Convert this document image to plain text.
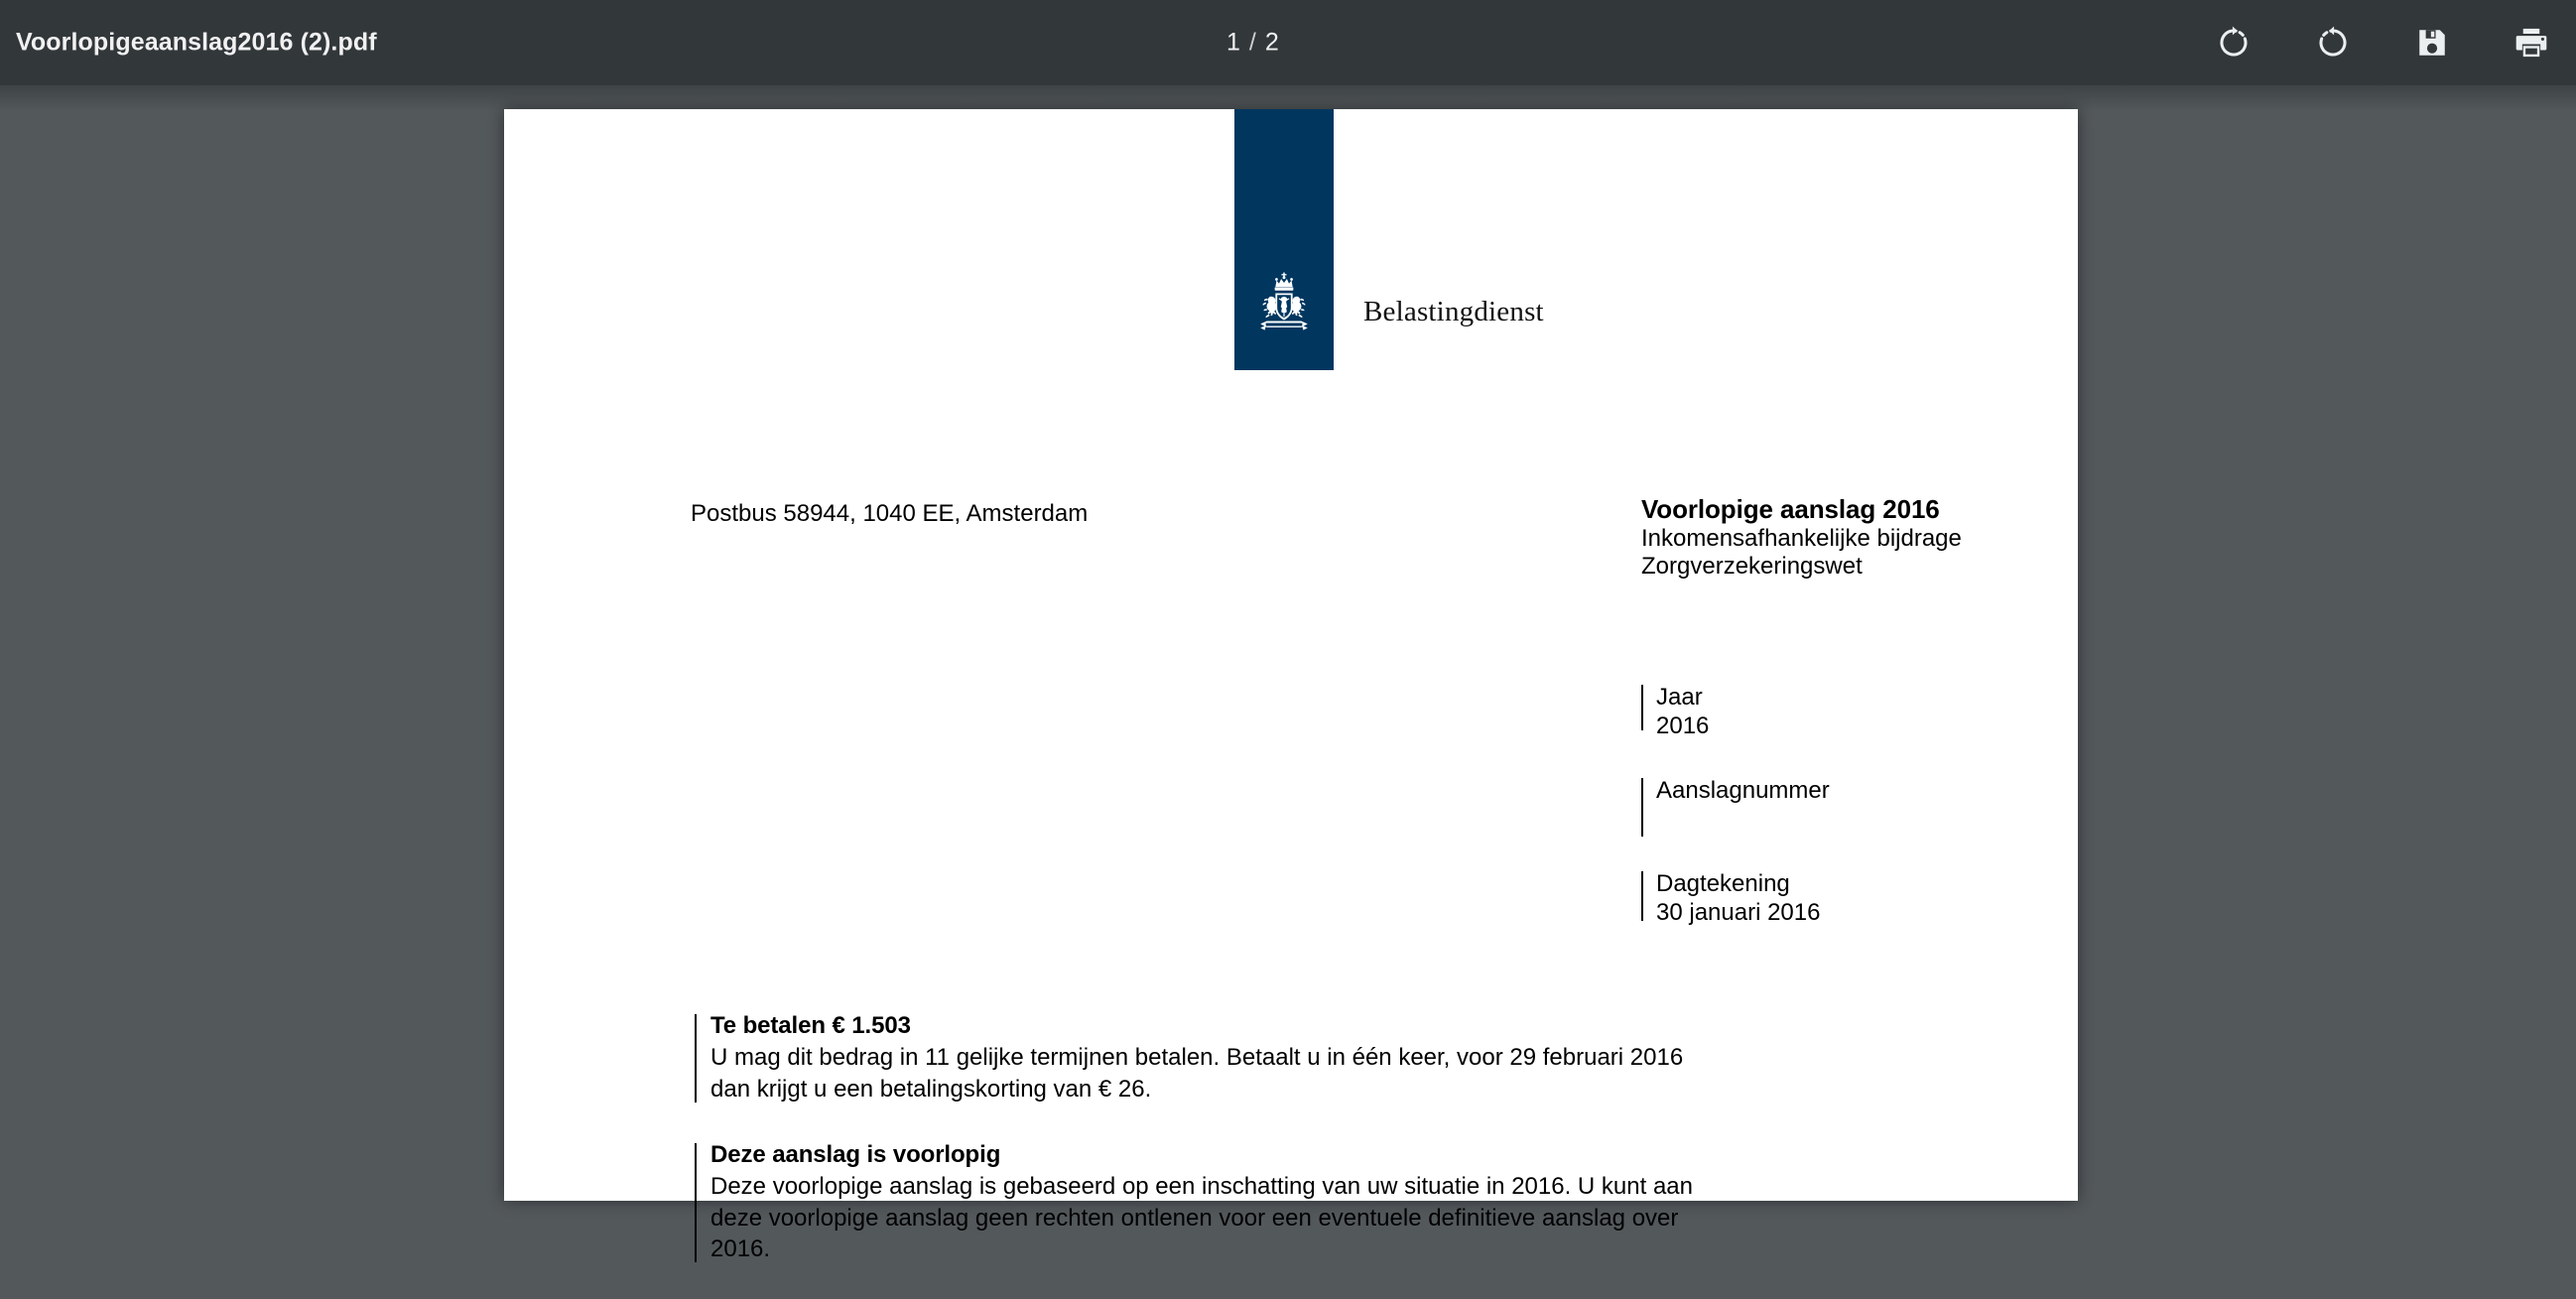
Voorlopigeaanslag2016 (2).pdf	1 / 2
Belastingdienst
Postbus 58944, 1040 EE, Amsterdam	Voorlopige aanslag 2016
Inkomensafhankelijke bijdrage
Zorgverzekeringswet
Jaar
2016
Aanslagnummer

Dagtekening
30 januari 2016
Te betalen € 1.503
U mag dit bedrag in 11 gelijke termijnen betalen. Betaalt u in één keer, voor 29 februari 2016
dan krijgt u een betalingskorting van € 26.
Deze aanslag is voorlopig
Deze voorlopige aanslag is gebaseerd op een inschatting van uw situatie in 2016. U kunt aan
deze voorlopige aanslag geen rechten ontlenen voor een eventuele definitieve aanslag over
2016.
